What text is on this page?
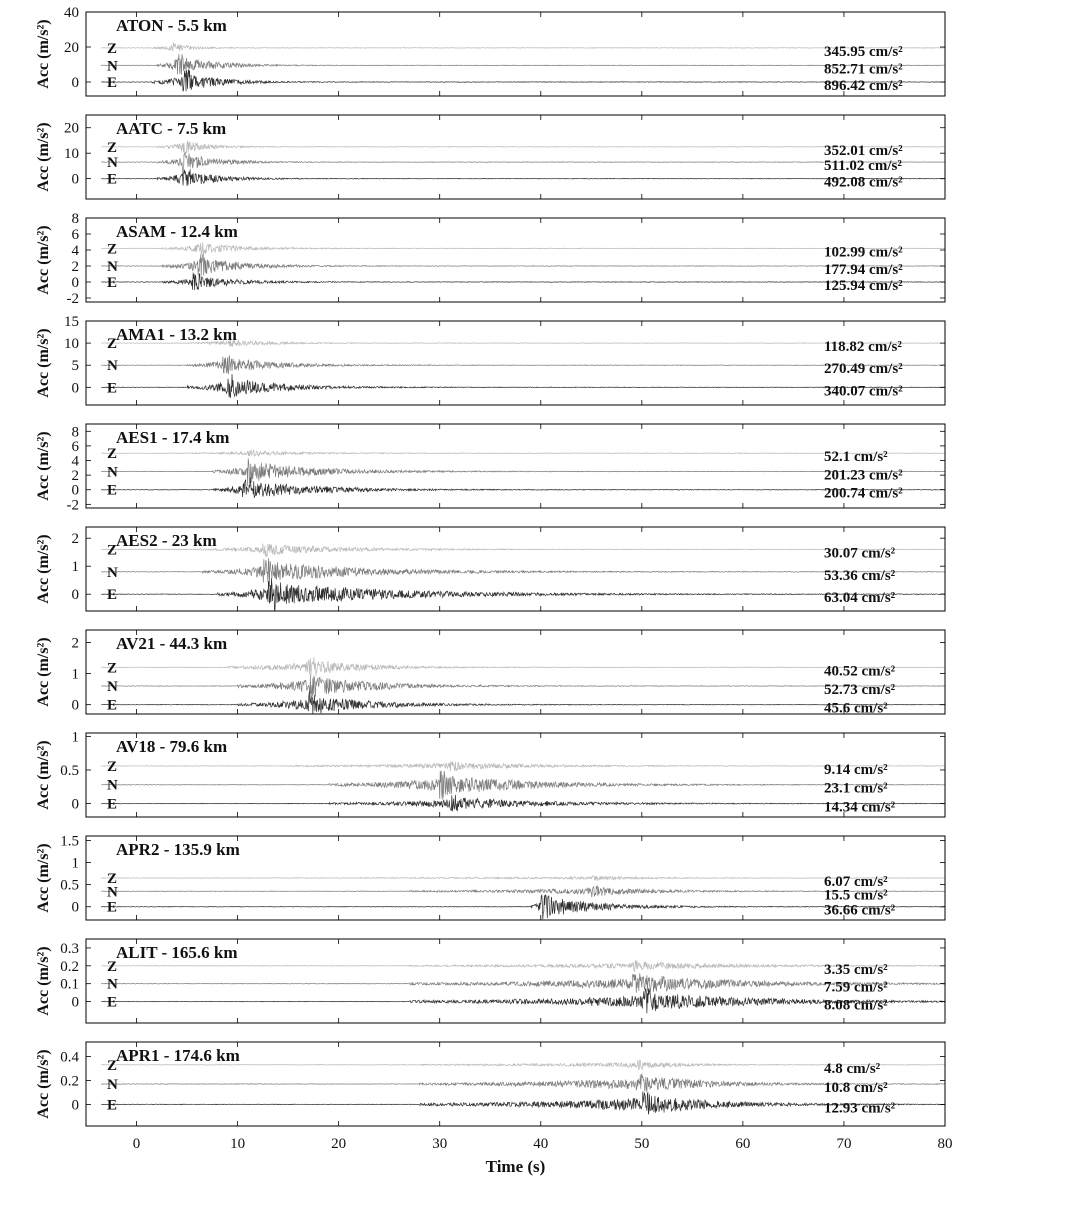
0
20
40
Acc (m/s²)	ATON - 5.5 km
Z	345.95 cm/s²
N	852.71 cm/s²
E	896.42 cm/s²
0
10
20
Acc (m/s²)	AATC - 7.5 km
Z	352.01 cm/s²
N	511.02 cm/s²
E	492.08 cm/s²
-2
0
2
4
6
8
Acc (m/s²)	ASAM - 12.4 km
Z	102.99 cm/s²
N	177.94 cm/s²
E	125.94 cm/s²
0
5
10
15
Acc (m/s²)	AMA1 - 13.2 km
Z	118.82 cm/s²
N	270.49 cm/s²
E	340.07 cm/s²
-2
0
2
4
6
8
Acc (m/s²)	AES1 - 17.4 km
Z	52.1 cm/s²
N	201.23 cm/s²
E	200.74 cm/s²
0
1
2
Acc (m/s²)	AES2 - 23 km
Z	30.07 cm/s²
N	53.36 cm/s²
E	63.04 cm/s²
0
1
2
Acc (m/s²)	AV21 - 44.3 km
Z	40.52 cm/s²
N	52.73 cm/s²
E	45.6 cm/s²
0
0.5
1
Acc (m/s²)	AV18 - 79.6 km
Z	9.14 cm/s²
N	23.1 cm/s²
E	14.34 cm/s²
0
0.5
1
1.5
Acc (m/s²)	APR2 - 135.9 km
Z	6.07 cm/s²
N	15.5 cm/s²
E	36.66 cm/s²
0
0.1
0.2
0.3
Acc (m/s²)	ALIT - 165.6 km
Z	3.35 cm/s²
N	7.59 cm/s²
E	8.08 cm/s²
0
0.2
0.4
Acc (m/s²)	APR1 - 174.6 km
Z	4.8 cm/s²
N	10.8 cm/s²
E	12.93 cm/s²
0	10	20	30	40	50	60	70	80
Time (s)
